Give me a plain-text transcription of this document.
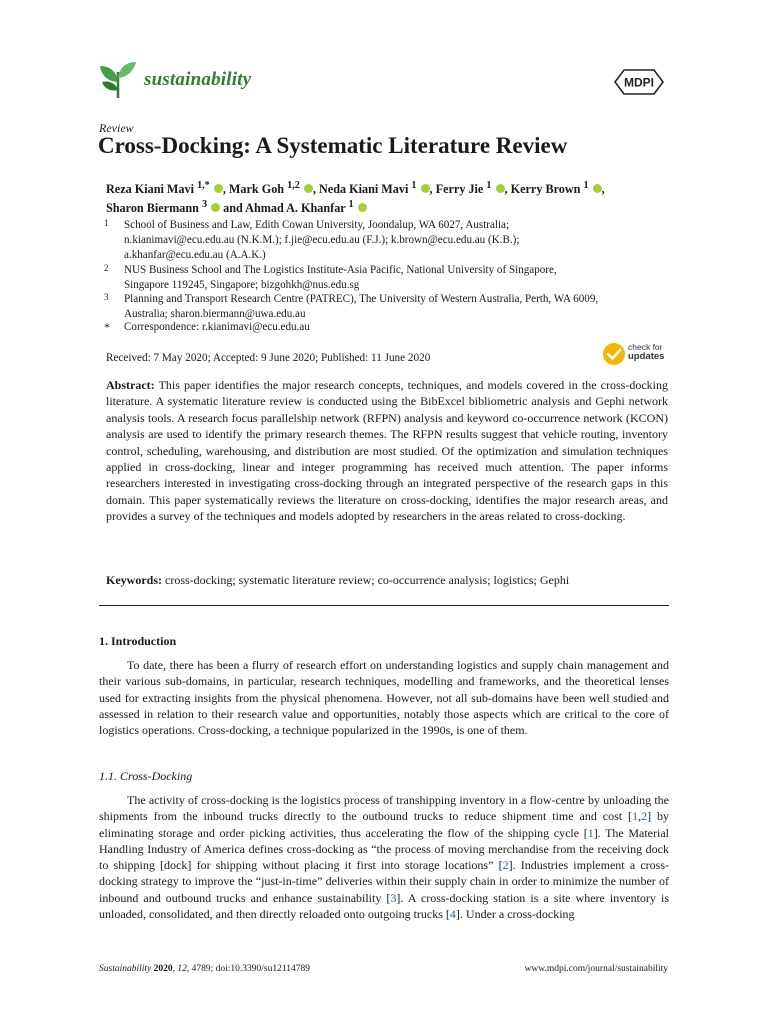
sustainability	MDPI
Review
Cross-Docking: A Systematic Literature Review
Reza Kiani Mavi $^{1,*}$ , Mark Goh $^{1,2}$ , Neda Kiani Mavi $^1$ , Ferry Jie $^1$ , Kerry Brown $^1$ ,
Sharon Biermann $^3$  and Ahmad A. Khanfar $^1$
1 School of Business and Law, Edith Cowan University, Joondalup, WA 6027, Australia;
n.kianimavi@ecu.edu.au (N.K.M.); f.jie@ecu.edu.au (F.J.); k.brown@ecu.edu.au (K.B.);
a.khanfar@ecu.edu.au (A.A.K.)
2 NUS Business School and The Logistics Institute-Asia Pacific, National University of Singapore,
Singapore 119245, Singapore; bizgohkh@nus.edu.sg
3 Planning and Transport Research Centre (PATREC), The University of Western Australia, Perth, WA 6009,
Australia; sharon.biermann@uwa.edu.au
* Correspondence: r.kianimavi@ecu.edu.au
Received: 7 May 2020; Accepted: 9 June 2020; Published: 11 June 2020
check for
updates
Abstract: This paper identifies the major research concepts, techniques, and models covered in the cross-docking literature. A systematic literature review is conducted using the BibExcel bibliometric analysis and Gephi network analysis tools. A research focus parallelship network (RFPN) analysis and keyword co-occurrence network (KCON) analysis are used to identify the primary research themes. The RFPN results suggest that vehicle routing, inventory control, scheduling, warehousing, and distribution are most studied. Of the optimization and simulation techniques applied in cross-docking, linear and integer programming has received much attention. The paper informs researchers interested in investigating cross-docking through an integrated perspective of the research gaps in this domain. This paper systematically reviews the literature on cross-docking, identifies the major research areas, and provides a survey of the techniques and models adopted by researchers in the areas related to cross-docking.
Keywords: cross-docking; systematic literature review; co-occurrence analysis; logistics; Gephi
1. Introduction

To date, there has been a flurry of research effort on understanding logistics and supply chain management and their various sub-domains, in particular, research techniques, modelling and frameworks, and the theoretical lenses used for extracting insights from the physical phenomena. However, not all sub-domains have been well studied and assessed in relation to their research value and opportunities, notably those aspects which are critical to the core of logistics operations. Cross-docking, a technique popularized in the 1990s, is one of them.

1.1. Cross-Docking

The activity of cross-docking is the logistics process of transhipping inventory in a flow-centre by unloading the shipments from the inbound trucks directly to the outbound trucks to reduce shipment time and cost [1,2] by eliminating storage and order picking activities, thus accelerating the flow of the shipping cycle [1]. The Material Handling Industry of America defines cross-docking as “the process of moving merchandise from the receiving dock to shipping [dock] for shipping without placing it first into storage locations” [2]. Industries implement a cross-docking strategy to improve the “just-in-time” deliveries within their supply chain in order to minimize the number of inbound and outbound trucks and enhance sustainability [3]. A cross-docking station is a site where inventory is unloaded, consolidated, and then directly reloaded onto outgoing trucks [4]. Under a cross-docking

Sustainability 2020, 12, 4789; doi:10.3390/su12114789	www.mdpi.com/journal/sustainability
